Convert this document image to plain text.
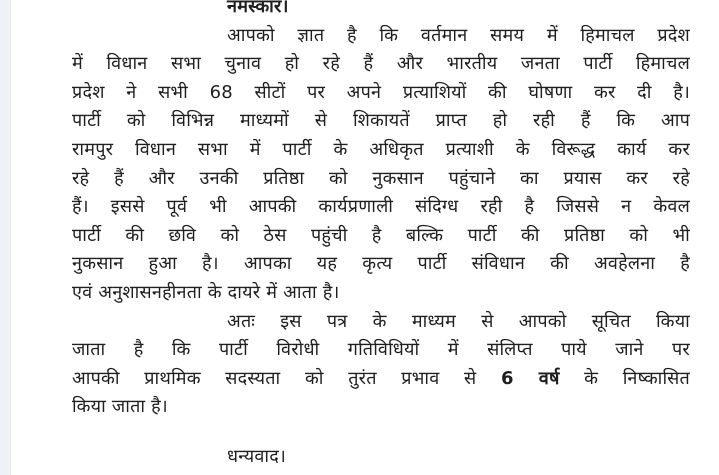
नमस्कार।
आपको ज्ञात है कि वर्तमान समय में हिमाचल प्रदेश
में विधान सभा चुनाव हो रहे हैं और भारतीय जनता पार्टी हिमाचल
प्रदेश ने सभी 68 सीटों पर अपने प्रत्याशियों की घोषणा कर दी है।
पार्टी को विभिन्न माध्यमों से शिकायतें प्राप्त हो रही हैं कि आप
रामपुर विधान सभा में पार्टी के अधिकृत प्रत्याशी के विरूद्ध कार्य कर
रहे हैं और उनकी प्रतिष्ठा को नुकसान पहुंचाने का प्रयास कर रहे
हैं। इससे पूर्व भी आपकी कार्यप्रणाली संदिग्ध रही है जिससे न केवल
पार्टी की छवि को ठेस पहुंची है बल्कि पार्टी की प्रतिष्ठा को भी
नुकसान हुआ है। आपका यह कृत्य पार्टी संविधान की अवहेलना है
एवं अनुशासनहीनता के दायरे में आता है।
अतः इस पत्र के माध्यम से आपको सूचित किया
जाता है कि पार्टी विरोधी गतिविधियों में संलिप्त पाये जाने पर
आपकी प्राथमिक सदस्यता को तुरंत प्रभाव से 6 वर्ष के निष्कासित
किया जाता है।
धन्यवाद।
